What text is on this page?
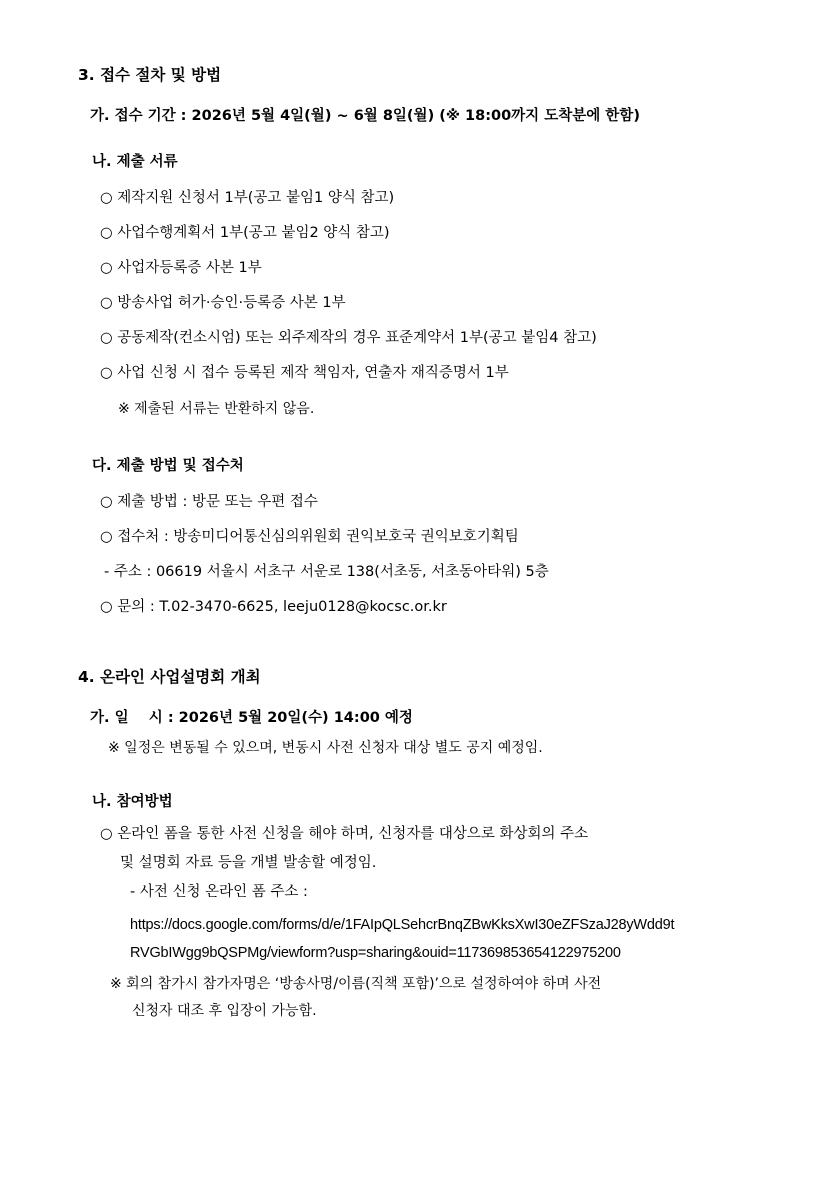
3. 접수 절차 및 방법
가. 접수 기간 : 2026년 5월 4일(월) ~ 6월 8일(월) (※ 18:00까지 도착분에 한함)
나. 제출 서류
○ 제작지원 신청서 1부(공고 붙임1 양식 참고)
○ 사업수행계획서 1부(공고 붙임2 양식 참고)
○ 사업자등록증 사본 1부
○ 방송사업 허가·승인·등록증 사본 1부
○ 공동제작(컨소시엄) 또는 외주제작의 경우 표준계약서 1부(공고 붙임4 참고)
○ 사업 신청 시 접수 등록된 제작 책임자, 연출자 재직증명서 1부
※ 제출된 서류는 반환하지 않음.
다. 제출 방법 및 접수처
○ 제출 방법 : 방문 또는 우편 접수
○ 접수처 : 방송미디어통신심의위원회 권익보호국 권익보호기획팀
- 주소 : 06619 서울시 서초구 서운로 138(서초동, 서초동아타워) 5층
○ 문의 : T.02-3470-6625, leeju0128@kocsc.or.kr
4. 온라인 사업설명회 개최
가. 일    시 : 2026년 5월 20일(수) 14:00 예정
※ 일정은 변동될 수 있으며, 변동시 사전 신청자 대상 별도 공지 예정임.
나. 참여방법
○ 온라인 폼을 통한 사전 신청을 해야 하며, 신청자를 대상으로 화상회의 주소
및 설명회 자료 등을 개별 발송할 예정임.
- 사전 신청 온라인 폼 주소 :
https://docs.google.com/forms/d/e/1FAIpQLSehcrBnqZBwKksXwI30eZFSzaJ28yWdd9t
RVGbIWgg9bQSPMg/viewform?usp=sharing&ouid=117369853654122975200
※ 회의 참가시 참가자명은 ‘방송사명/이름(직책 포함)’으로 설정하여야 하며 사전
신청자 대조 후 입장이 가능함.
